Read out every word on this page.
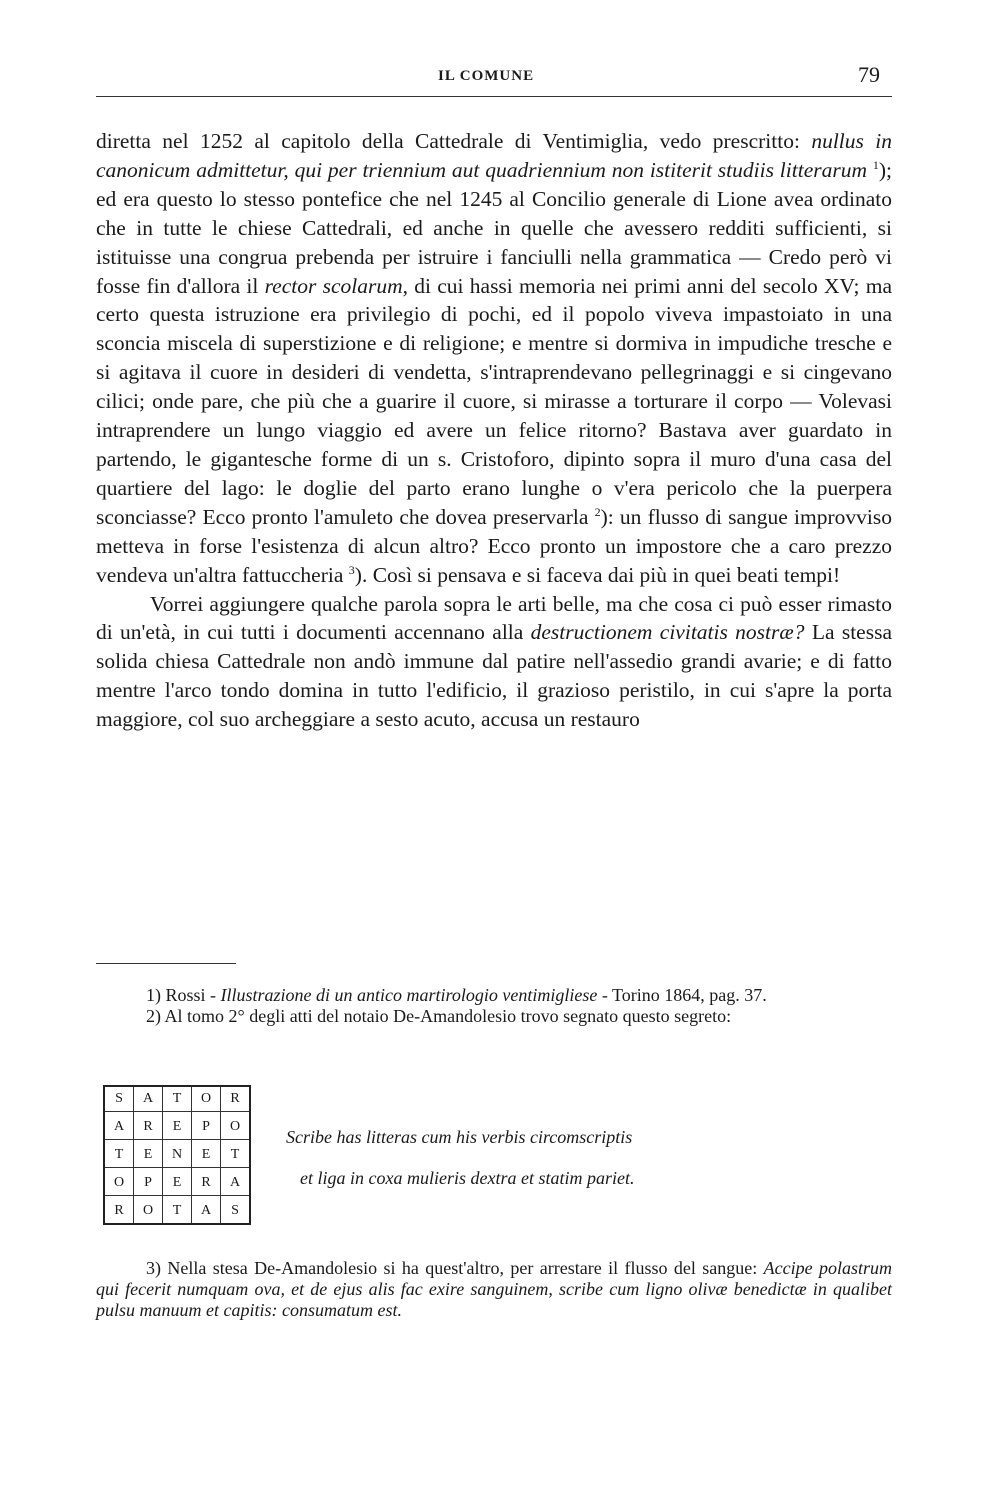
IL COMUNE	79

diretta nel 1252 al capitolo della Cattedrale di Ventimiglia, vedo prescritto: nullus in canonicum admittetur, qui per triennium aut quadriennium non istiterit studiis litterarum $^1$); ed era questo lo stesso pontefice che nel 1245 al Concilio generale di Lione avea ordinato che in tutte le chiese Cattedrali, ed anche in quelle che avessero redditi sufficienti, si istituisse una congrua prebenda per istruire i fanciulli nella grammatica — Credo però vi fosse fin d'allora il rector scolarum, di cui hassi memoria nei primi anni del secolo XV; ma certo questa istruzione era privilegio di pochi, ed il popolo viveva impastoiato in una sconcia miscela di superstizione e di religione; e mentre si dormiva in impudiche tresche e si agitava il cuore in desideri di vendetta, s'intraprendevano pellegrinaggi e si cingevano cilici; onde pare, che più che a guarire il cuore, si mirasse a torturare il corpo — Volevasi intraprendere un lungo viaggio ed avere un felice ritorno? Bastava aver guardato in partendo, le gigantesche forme di un s. Cristoforo, dipinto sopra il muro d'una casa del quartiere del lago: le doglie del parto erano lunghe o v'era pericolo che la puerpera sconciasse? Ecco pronto l'amuleto che dovea preservarla $^2$): un flusso di sangue improvviso metteva in forse l'esistenza di alcun altro? Ecco pronto un impostore che a caro prezzo vendeva un'altra fattuccheria $^3$). Così si pensava e si faceva dai più in quei beati tempi!

Vorrei aggiungere qualche parola sopra le arti belle, ma che cosa ci può esser rimasto di un'età, in cui tutti i documenti accennano alla destructionem civitatis nostræ? La stessa solida chiesa Cattedrale non andò immune dal patire nell'assedio grandi avarie; e di fatto mentre l'arco tondo domina in tutto l'edificio, il grazioso peristilo, in cui s'apre la porta maggiore, col suo archeggiare a sesto acuto, accusa un restauro

1) Rossi - Illustrazione di un antico martirologio ventimigliese - Torino 1864, pag. 37.

2) Al tomo 2° degli atti del notaio De-Amandolesio trovo segnato questo segreto:

S	A	T	O	R

A	R	E	P	O

T	E	N	E	T

O	P	E	R	A

R	O	T	A	S
Scribe has litteras cum his verbis circomscriptis
et liga in coxa mulieris dextra et statim pariet.

3) Nella stesa De-Amandolesio si ha quest'altro, per arrestare il flusso del sangue: Accipe polastrum qui fecerit numquam ova, et de ejus alis fac exire sanguinem, scribe cum ligno olivæ benedictæ in qualibet pulsu manuum et capitis: consumatum est.
